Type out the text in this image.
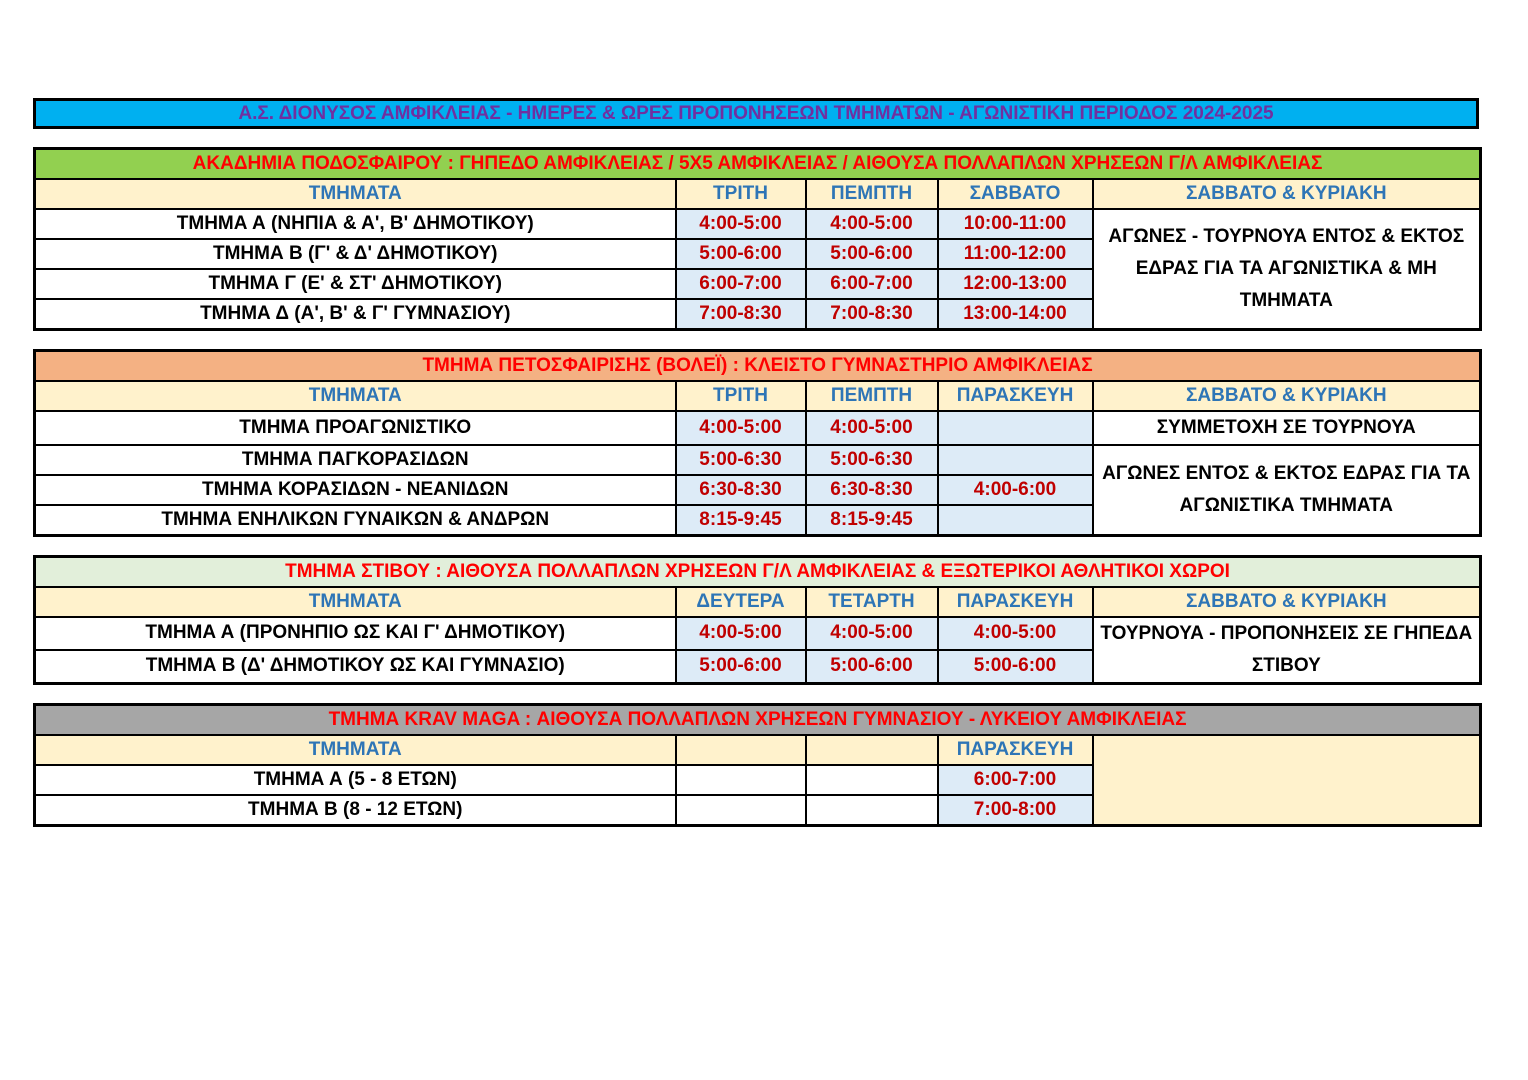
Α.Σ. ΔΙΟΝΥΣΟΣ ΑΜΦΙΚΛΕΙΑΣ - ΗΜΕΡΕΣ & ΩΡΕΣ ΠΡΟΠΟΝΗΣΕΩΝ ΤΜΗΜΑΤΩΝ - ΑΓΩΝΙΣΤΙΚΗ ΠΕΡΙΟΔΟΣ 2024-2025
ΑΚΑΔΗΜΙΑ ΠΟΔΟΣΦΑΙΡΟΥ : ΓΗΠΕΔΟ ΑΜΦΙΚΛΕΙΑΣ / 5Χ5 ΑΜΦΙΚΛΕΙΑΣ / ΑΙΘΟΥΣΑ ΠΟΛΛΑΠΛΩΝ ΧΡΗΣΕΩΝ Γ/Λ ΑΜΦΙΚΛΕΙΑΣ				
ΤΜΗΜΑΤΑ	ΤΡΙΤΗ	ΠΕΜΠΤΗ	ΣΑΒΒΑΤΟ	ΣΑΒΒΑΤΟ & ΚΥΡΙΑΚΗ
ΤΜΗΜΑ Α (ΝΗΠΙΑ & Α', Β' ΔΗΜΟΤΙΚΟΥ)	4:00-5:00	4:00-5:00	10:00-11:00	ΑΓΩΝΕΣ - ΤΟΥΡΝΟΥΑ ΕΝΤΟΣ & ΕΚΤΟΣ ΕΔΡΑΣ ΓΙΑ ΤΑ ΑΓΩΝΙΣΤΙΚΑ & ΜΗ ΤΜΗΜΑΤΑ
ΤΜΗΜΑ Β (Γ' & Δ' ΔΗΜΟΤΙΚΟΥ)	5:00-6:00	5:00-6:00	11:00-12:00	
ΤΜΗΜΑ Γ (Ε' & ΣΤ' ΔΗΜΟΤΙΚΟΥ)	6:00-7:00	6:00-7:00	12:00-13:00	
ΤΜΗΜΑ Δ (Α', Β' & Γ' ΓΥΜΝΑΣΙΟΥ)	7:00-8:30	7:00-8:30	13:00-14:00	
ΤΜΗΜΑ ΠΕΤΟΣΦΑΙΡΙΣΗΣ (ΒΟΛΕΪ) : ΚΛΕΙΣΤΟ ΓΥΜΝΑΣΤΗΡΙΟ ΑΜΦΙΚΛΕΙΑΣ				
ΤΜΗΜΑΤΑ	ΤΡΙΤΗ	ΠΕΜΠΤΗ	ΠΑΡΑΣΚΕΥΗ	ΣΑΒΒΑΤΟ & ΚΥΡΙΑΚΗ
ΤΜΗΜΑ ΠΡΟΑΓΩΝΙΣΤΙΚΟ	4:00-5:00	4:00-5:00		ΣΥΜΜΕΤΟΧΗ ΣΕ ΤΟΥΡΝΟΥΑ
ΤΜΗΜΑ ΠΑΓΚΟΡΑΣΙΔΩΝ	5:00-6:30	5:00-6:30		ΑΓΩΝΕΣ ΕΝΤΟΣ & ΕΚΤΟΣ ΕΔΡΑΣ ΓΙΑ ΤΑ ΑΓΩΝΙΣΤΙΚΑ ΤΜΗΜΑΤΑ
ΤΜΗΜΑ ΚΟΡΑΣΙΔΩΝ - ΝΕΑΝΙΔΩΝ	6:30-8:30	6:30-8:30	4:00-6:00	
ΤΜΗΜΑ ΕΝΗΛΙΚΩΝ ΓΥΝΑΙΚΩΝ & ΑΝΔΡΩΝ	8:15-9:45	8:15-9:45		
ΤΜΗΜΑ ΣΤΙΒΟΥ : ΑΙΘΟΥΣΑ ΠΟΛΛΑΠΛΩΝ ΧΡΗΣΕΩΝ Γ/Λ ΑΜΦΙΚΛΕΙΑΣ & ΕΞΩΤΕΡΙΚΟΙ ΑΘΛΗΤΙΚΟΙ ΧΩΡΟΙ				
ΤΜΗΜΑΤΑ	ΔΕΥΤΕΡΑ	ΤΕΤΑΡΤΗ	ΠΑΡΑΣΚΕΥΗ	ΣΑΒΒΑΤΟ & ΚΥΡΙΑΚΗ
ΤΜΗΜΑ Α (ΠΡΟΝΗΠΙΟ ΩΣ ΚΑΙ Γ' ΔΗΜΟΤΙΚΟΥ)	4:00-5:00	4:00-5:00	4:00-5:00	ΤΟΥΡΝΟΥΑ - ΠΡΟΠΟΝΗΣΕΙΣ ΣΕ ΓΗΠΕΔΑ ΣΤΙΒΟΥ
ΤΜΗΜΑ Β (Δ' ΔΗΜΟΤΙΚΟΥ ΩΣ ΚΑΙ ΓΥΜΝΑΣΙΟ)	5:00-6:00	5:00-6:00	5:00-6:00	
ΤΜΗΜΑ KRAV MAGA : ΑΙΘΟΥΣΑ ΠΟΛΛΑΠΛΩΝ ΧΡΗΣΕΩΝ ΓΥΜΝΑΣΙΟΥ - ΛΥΚΕΙΟΥ ΑΜΦΙΚΛΕΙΑΣ				
ΤΜΗΜΑΤΑ			ΠΑΡΑΣΚΕΥΗ	
ΤΜΗΜΑ Α (5 - 8 ΕΤΩΝ)			6:00-7:00	
ΤΜΗΜΑ Β (8 - 12 ΕΤΩΝ)			7:00-8:00	
